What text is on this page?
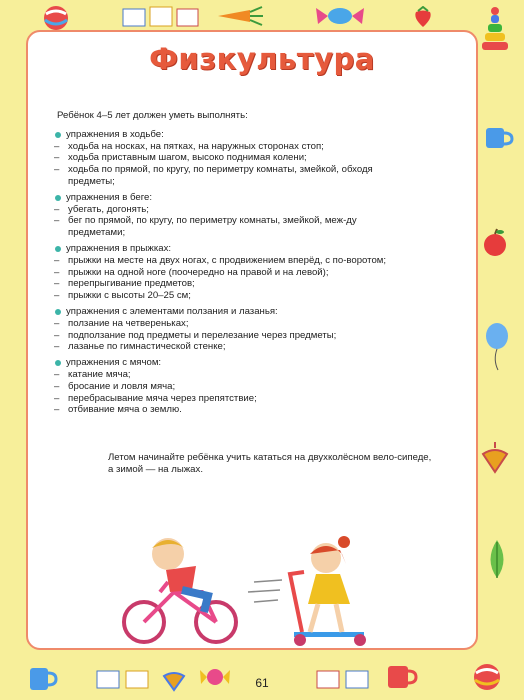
Физкультура
Ребёнок 4–5 лет должен уметь выполнять:
упражнения в ходьбе:
– ходьба на носках, на пятках, на наружных сторонах стоп;
– ходьба приставным шагом, высоко поднимая колени;
– ходьба по прямой, по кругу, по периметру комнаты, змейкой, обходя предметы;
упражнения в беге:
– убегать, догонять;
– бег по прямой, по кругу, по периметру комнаты, змейкой, меж-ду предметами;
упражнения в прыжках:
– прыжки на месте на двух ногах, с продвижением вперёд, с по-воротом;
– прыжки на одной ноге (поочередно на правой и на левой);
– перепрыгивание предметов;
– прыжки с высоты 20–25 см;
упражнения с элементами ползания и лазанья:
– ползание на четвереньках;
– подползание под предметы и перелезание через предметы;
– лазанье по гимнастической стенке;
упражнения с мячом:
– катание мяча;
– бросание и ловля мяча;
– перебрасывание мяча через препятствие;
– отбивание мяча о землю.
Летом начинайте ребёнка учить кататься на двухколёсном вело-сипеде, а зимой — на лыжах.
61
